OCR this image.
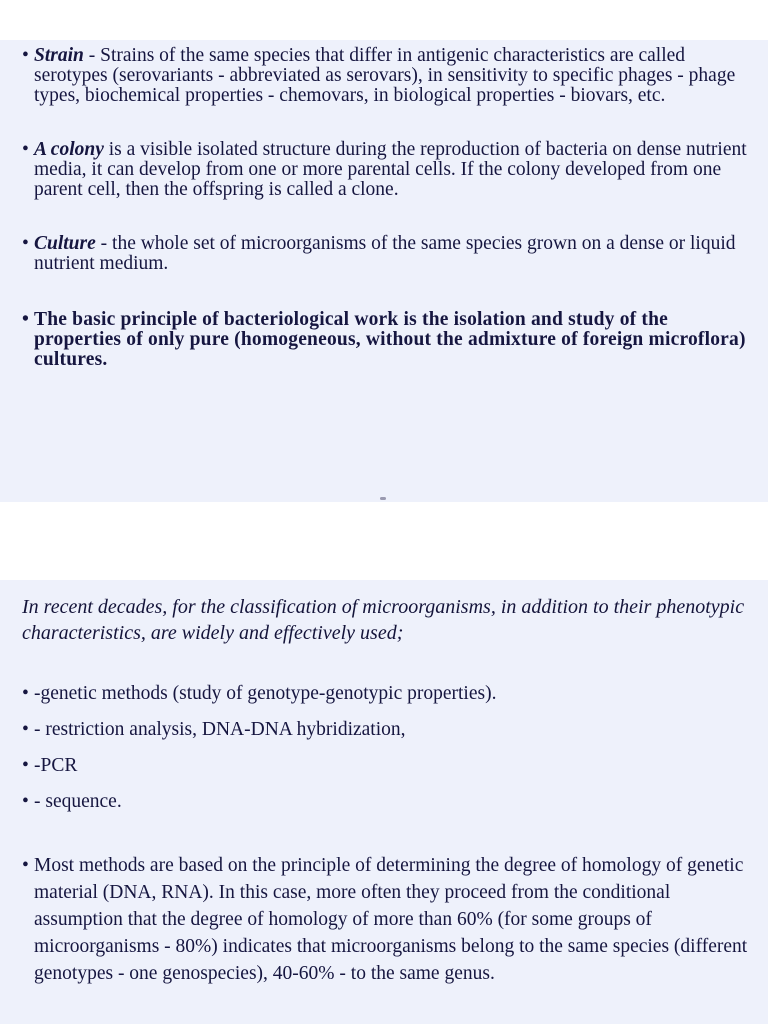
• Strain - Strains of the same species that differ in antigenic characteristics are called serotypes (serovariants - abbreviated as serovars), in sensitivity to specific phages - phage types, biochemical properties - chemovars, in biological properties - biovars, etc.
• A colony is a visible isolated structure during the reproduction of bacteria on dense nutrient media, it can develop from one or more parental cells. If the colony developed from one parent cell, then the offspring is called a clone.
• Culture - the whole set of microorganisms of the same species grown on a dense or liquid nutrient medium.
• The basic principle of bacteriological work is the isolation and study of the properties of only pure (homogeneous, without the admixture of foreign microflora) cultures.
In recent decades, for the classification of microorganisms, in addition to their phenotypic characteristics, are widely and effectively used;
• -genetic methods (study of genotype-genotypic properties).
• - restriction analysis, DNA-DNA hybridization,
• -PCR
• - sequence.
• Most methods are based on the principle of determining the degree of homology of genetic material (DNA, RNA). In this case, more often they proceed from the conditional assumption that the degree of homology of more than 60% (for some groups of microorganisms - 80%) indicates that microorganisms belong to the same species (different genotypes - one genospecies), 40-60% - to the same genus.
